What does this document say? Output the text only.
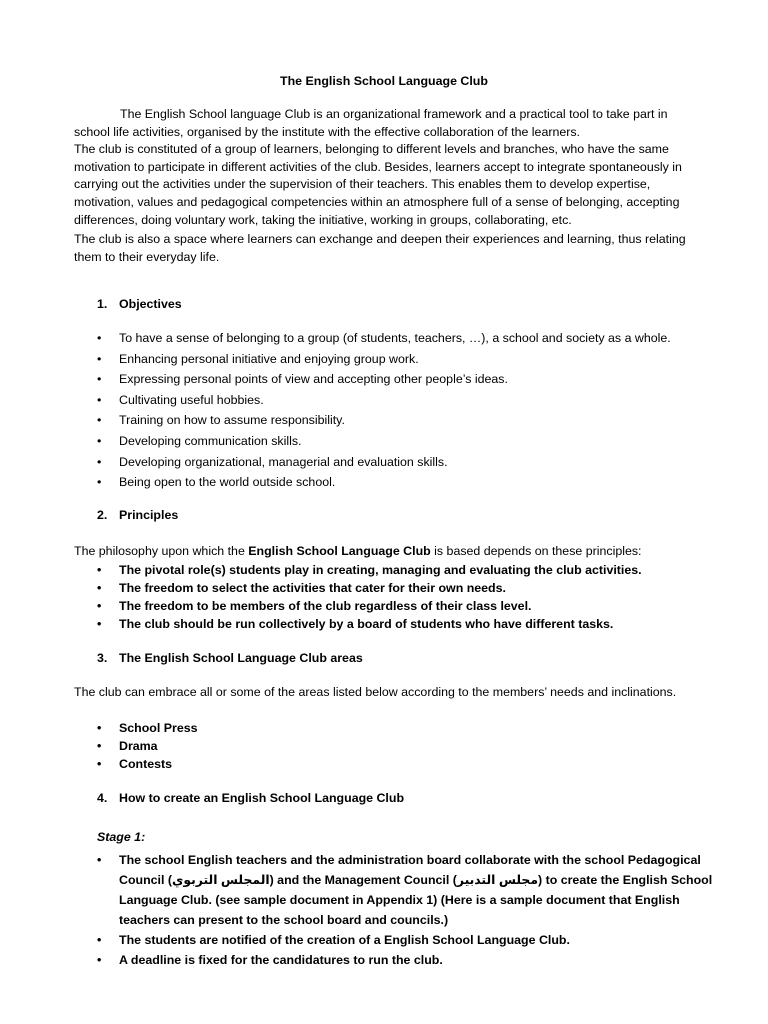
The English School Language Club

The English School language Club is an organizational framework and a practical tool to take part in school life activities, organised by the institute with the effective collaboration of the learners.

The club is constituted of a group of learners, belonging to different levels and branches, who have the same motivation to participate in different activities of the club. Besides, learners accept to integrate spontaneously in carrying out the activities under the supervision of their teachers. This enables them to develop expertise, motivation, values and pedagogical competencies within an atmosphere full of a sense of belonging, accepting differences, doing voluntary work, taking the initiative, working in groups, collaborating, etc.

The club is also a space where learners can exchange and deepen their experiences and learning, thus relating them to their everyday life.

1. Objectives
• To have a sense of belonging to a group (of students, teachers, …), a school and society as a whole.
• Enhancing personal initiative and enjoying group work.
• Expressing personal points of view and accepting other people’s ideas.
• Cultivating useful hobbies.
• Training on how to assume responsibility.
• Developing communication skills.
• Developing organizational, managerial and evaluation skills.
• Being open to the world outside school.
2. Principles

The philosophy upon which the English School Language Club is based depends on these principles:

• The pivotal role(s) students play in creating, managing and evaluating the club activities.
• The freedom to select the activities that cater for their own needs.
• The freedom to be members of the club regardless of their class level.
• The club should be run collectively by a board of students who have different tasks.
3. The English School Language Club areas

The club can embrace all or some of the areas listed below according to the members’ needs and inclinations.

• School Press
• Drama
• Contests
4. How to create an English School Language Club
Stage 1:
• The school English teachers and the administration board collaborate with the school Pedagogical Council (المجلس التربوي) and the Management Council (مجلس التدبير) to create the English School Language Club. (see sample document in Appendix 1) (Here is a sample document that English teachers can present to the school board and councils.)
• The students are notified of the creation of a English School Language Club.
• A deadline is fixed for the candidatures to run the club.
